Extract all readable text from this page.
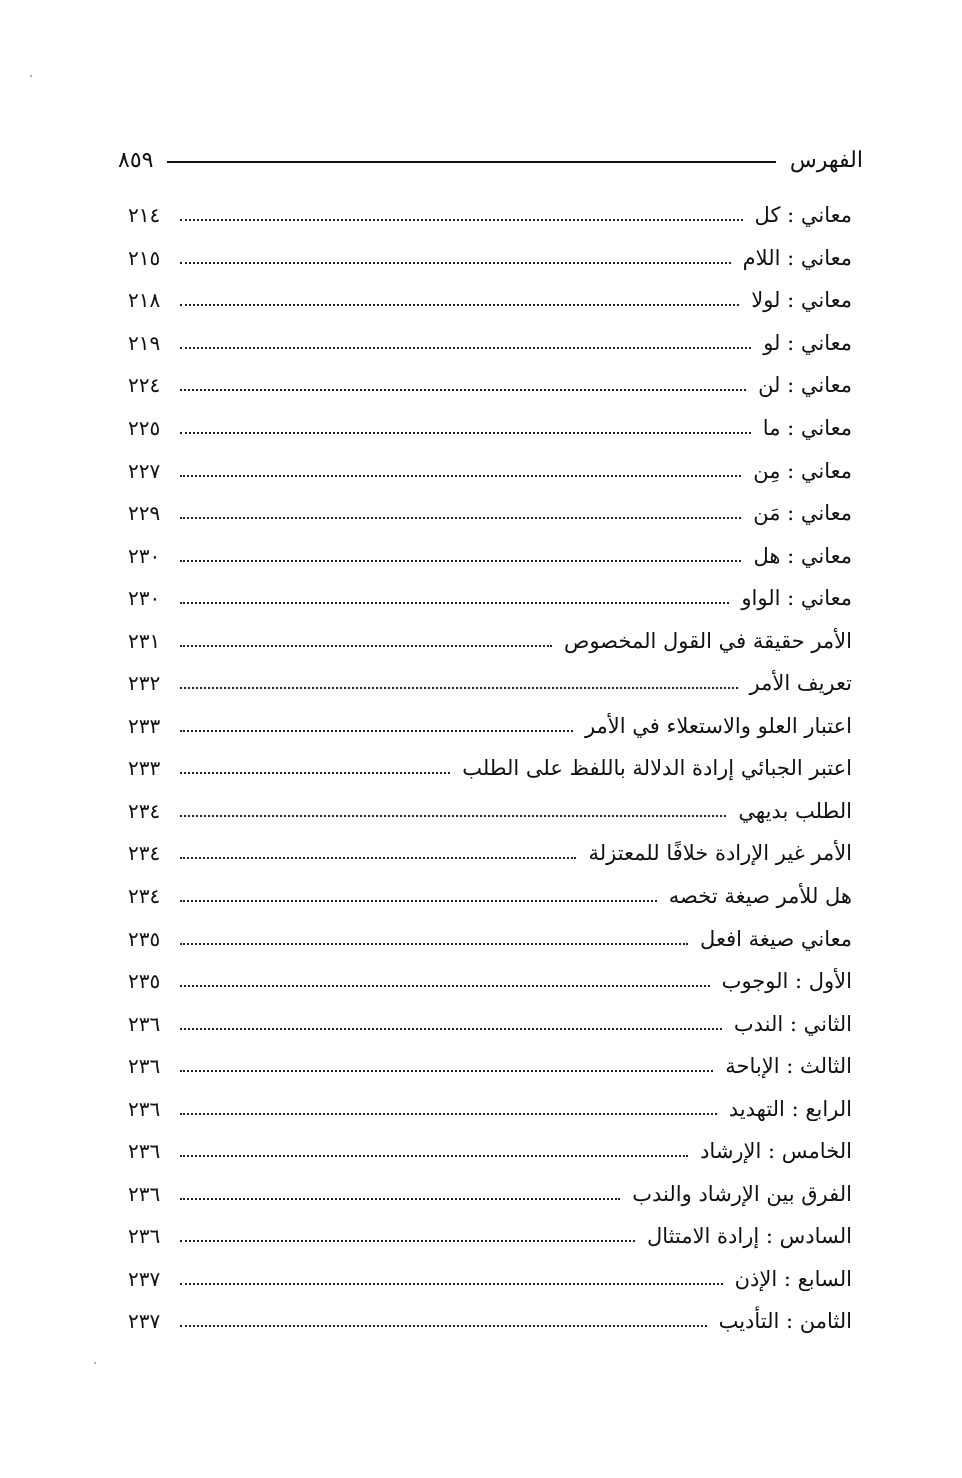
الفهرس
٨٥٩
معاني : كل
٢١٤
معاني : اللام
٢١٥
معاني : لولا
٢١٨
معاني : لو
٢١٩
معاني : لن
٢٢٤
معاني : ما
٢٢٥
معاني : مِن
٢٢٧
معاني : مَن
٢٢٩
معاني : هل
٢٣٠
معاني : الواو
٢٣٠
الأمر حقيقة في القول المخصوص
٢٣١
تعريف الأمر
٢٣٢
اعتبار العلو والاستعلاء في الأمر
٢٣٣
اعتبر الجبائي إرادة الدلالة باللفظ على الطلب
٢٣٣
الطلب بديهي
٢٣٤
الأمر غير الإرادة خلافًا للمعتزلة
٢٣٤
هل للأمر صيغة تخصه
٢٣٤
معاني صيغة افعل
٢٣٥
الأول : الوجوب
٢٣٥
الثاني : الندب
٢٣٦
الثالث : الإباحة
٢٣٦
الرابع : التهديد
٢٣٦
الخامس : الإرشاد
٢٣٦
الفرق بين الإرشاد والندب
٢٣٦
السادس : إرادة الامتثال
٢٣٦
السابع : الإذن
٢٣٧
الثامن : التأديب
٢٣٧
